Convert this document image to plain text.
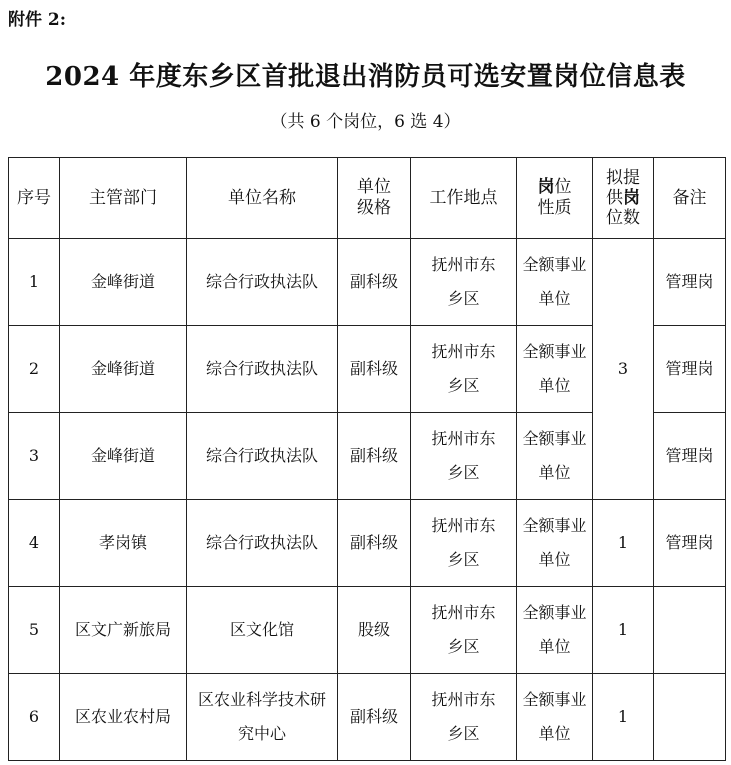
附件 2:
2024 年度东乡区首批退出消防员可选安置岗位信息表
（共 6 个岗位，6 选 4）
序号	主管部门	单位名称	单位级格	工作地点	岗位性质	拟提供岗位数	备注
1	金峰街道	综合行政执法队	副科级	抚州市东乡区	全额事业单位	3	管理岗
2	金峰街道	综合行政执法队	副科级	抚州市东乡区	全额事业单位		管理岗
3	金峰街道	综合行政执法队	副科级	抚州市东乡区	全额事业单位		管理岗
4	孝岗镇	综合行政执法队	副科级	抚州市东乡区	全额事业单位	1	管理岗
5	区文广新旅局	区文化馆	股级	抚州市东乡区	全额事业单位	1	
6	区农业农村局	区农业科学技术研究中心	副科级	抚州市东乡区	全额事业单位	1	
